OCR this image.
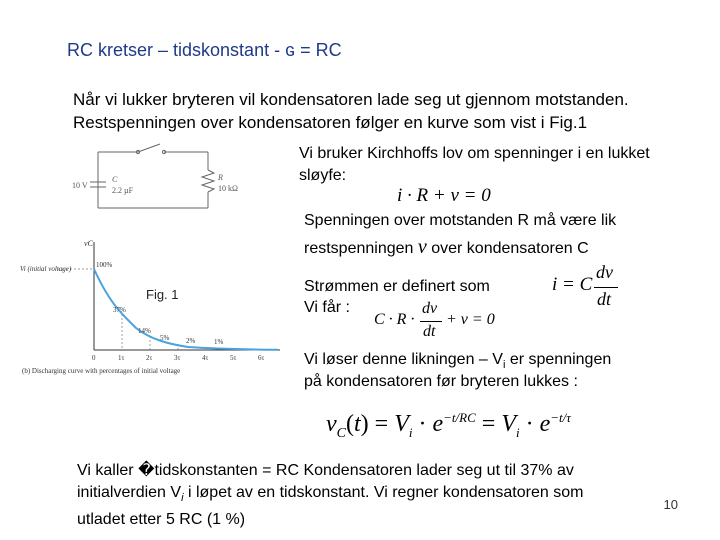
RC kretser – tidskonstant - ɢ = RC
Når vi lukker bryteren vil kondensatoren lade seg ut gjennom motstanden. Restspenningen over kondensatoren følger en kurve som vist i Fig.1
10 V
C
2.2 µF
R
10 kΩ
vC
Vi (initial voltage)	100%
37%
14%
5% 2%	1%
0	1τ	2τ	3τ	4τ	5τ	6τ
(b) Discharging curve with percentages of initial voltage
Fig. 1
Vi bruker Kirchhoffs lov om spenninger i en lukket sløyfe:
i · R + v = 0
Spenningen over motstanden R må være lik
restspenningen v over kondensatoren C
Strømmen er definert som
Vi får :
i = C
dv
dt
C · R ·
dv
dt
+ v = 0
Vi løser denne likningen – $V_i$ er spenningen
på kondensatoren før bryteren lukkes :
$v_C(t) = V_i \cdot e^{-t/RC} = V_i \cdot e^{-t/\tau}$
Vi kaller �tidskonstanten = RC Kondensatoren lader seg ut til 37% av
initialverdien $V_i$ i løpet av en tidskonstant. Vi regner kondensatoren som
utladet etter 5 RC (1 %)
10
